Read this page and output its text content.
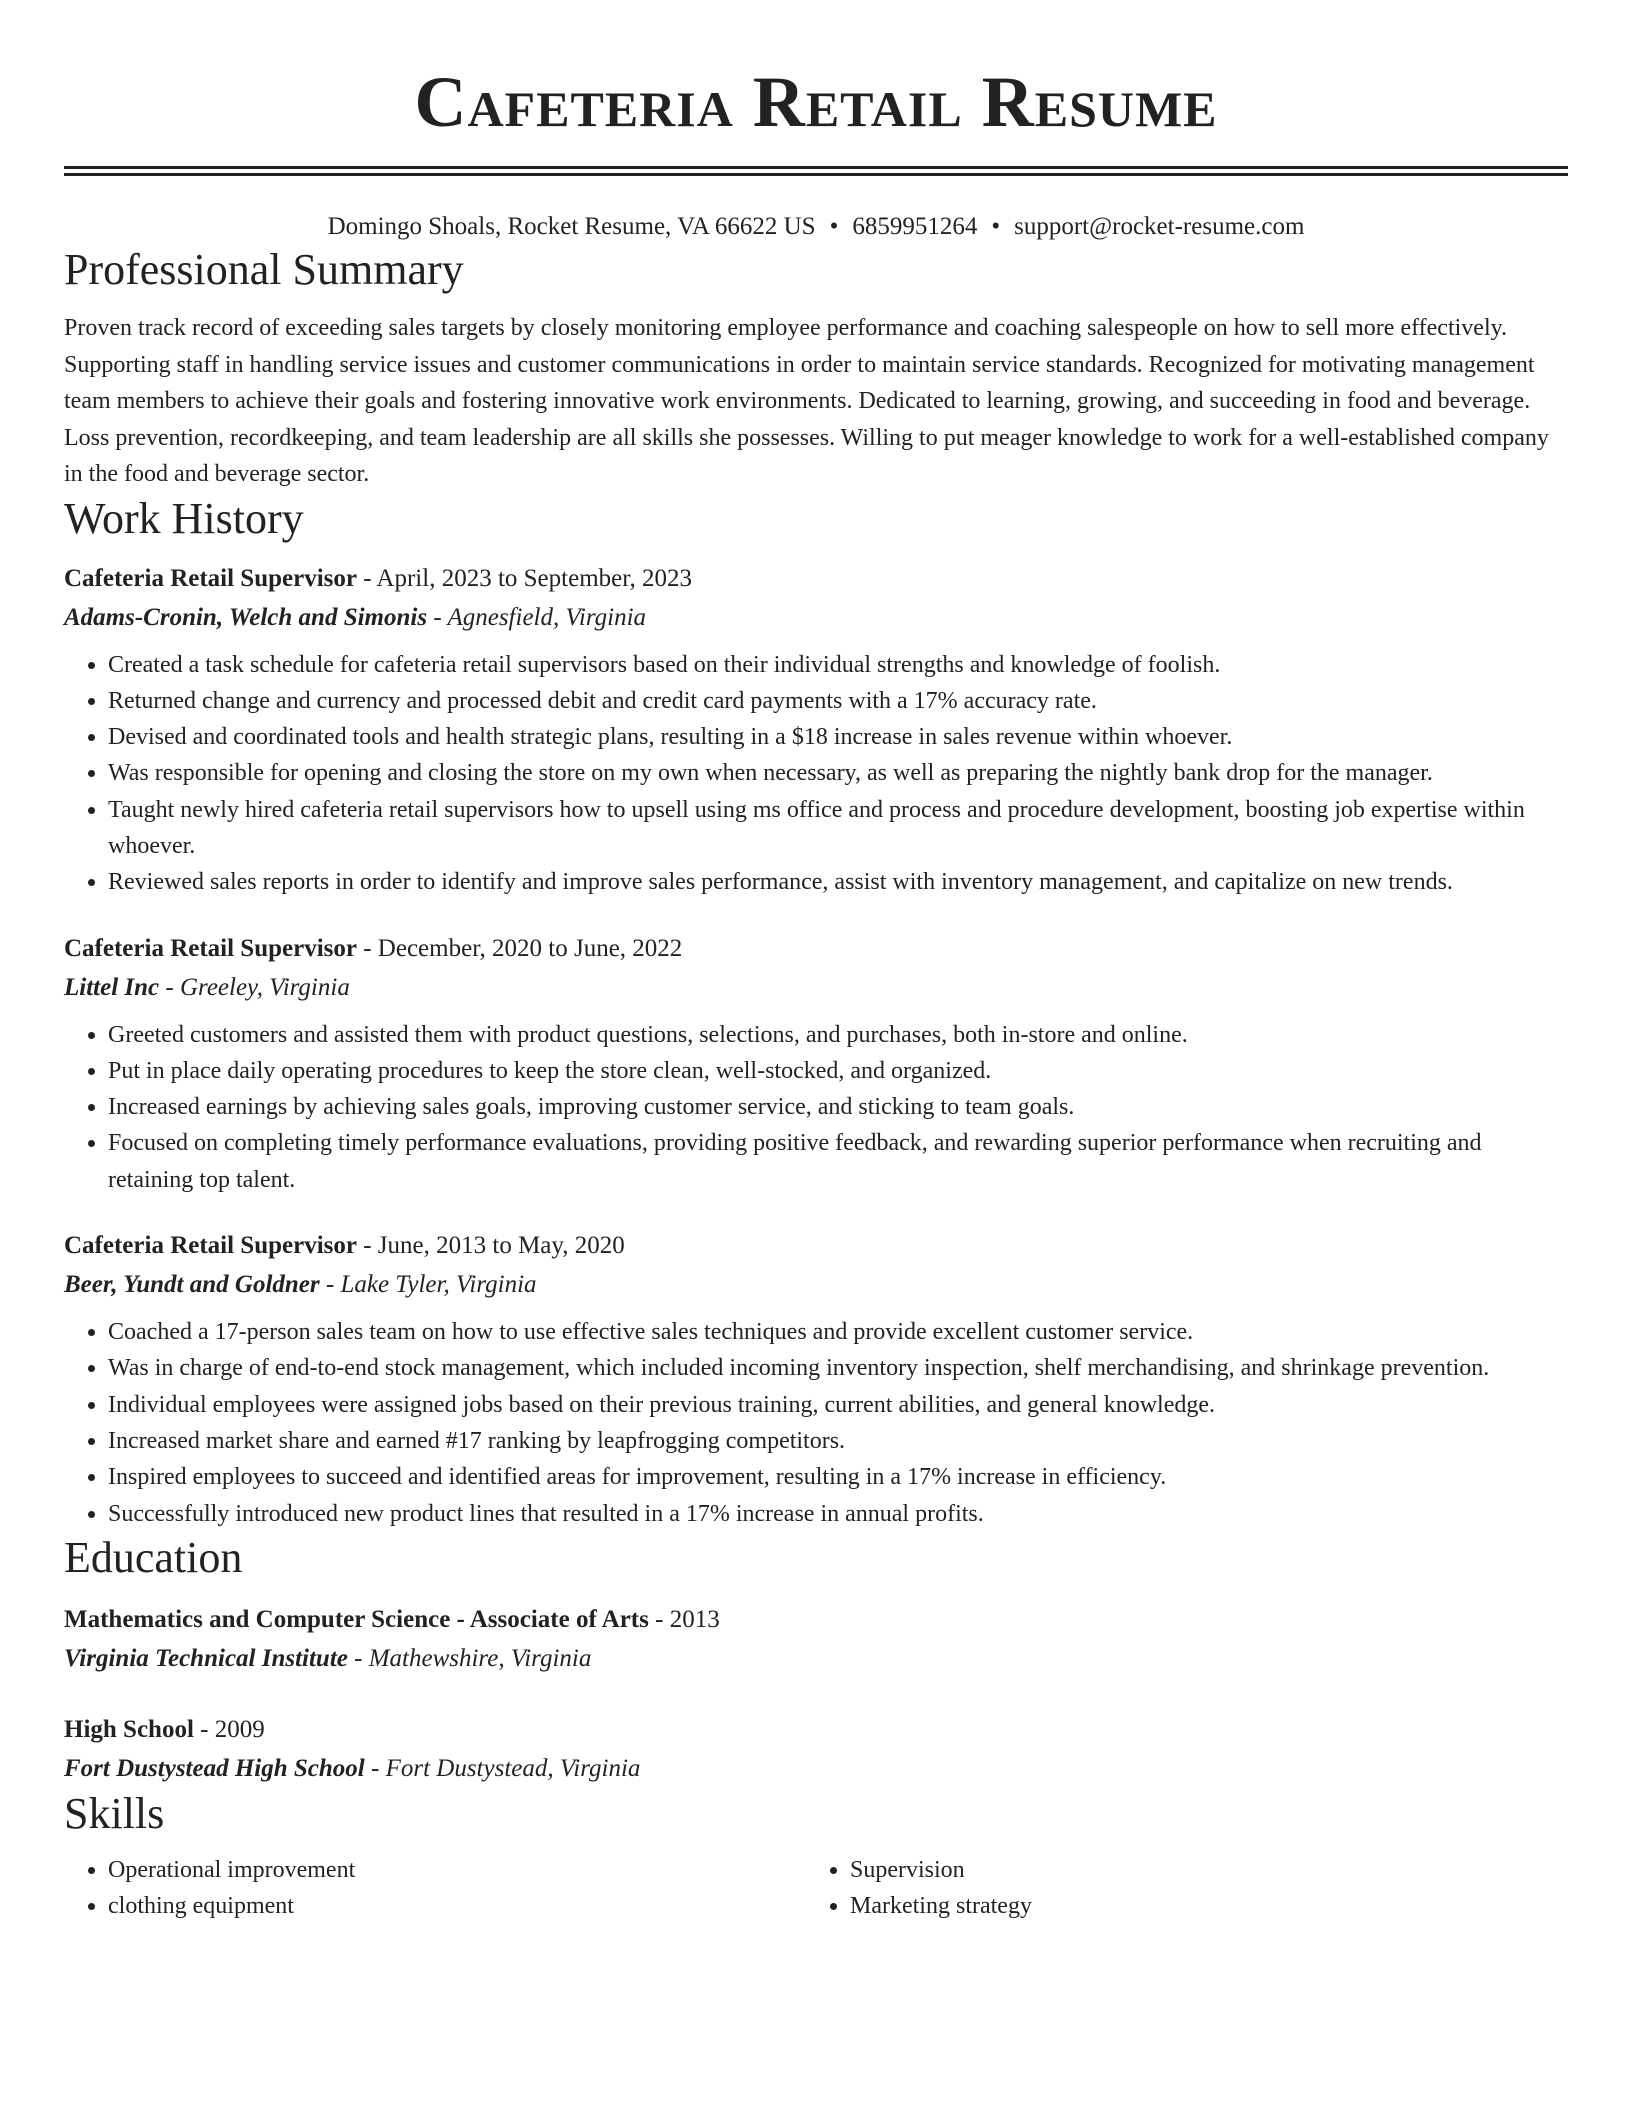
Cafeteria Retail Resume
Domingo Shoals, Rocket Resume, VA 66622 US • 6859951264 • support@rocket-resume.com
Professional Summary
Proven track record of exceeding sales targets by closely monitoring employee performance and coaching salespeople on how to sell more effectively. Supporting staff in handling service issues and customer communications in order to maintain service standards. Recognized for motivating management team members to achieve their goals and fostering innovative work environments. Dedicated to learning, growing, and succeeding in food and beverage. Loss prevention, recordkeeping, and team leadership are all skills she possesses. Willing to put meager knowledge to work for a well-established company in the food and beverage sector.
Work History
Cafeteria Retail Supervisor - April, 2023 to September, 2023
Adams-Cronin, Welch and Simonis - Agnesfield, Virginia
• Created a task schedule for cafeteria retail supervisors based on their individual strengths and knowledge of foolish.
• Returned change and currency and processed debit and credit card payments with a 17% accuracy rate.
• Devised and coordinated tools and health strategic plans, resulting in a $18 increase in sales revenue within whoever.
• Was responsible for opening and closing the store on my own when necessary, as well as preparing the nightly bank drop for the manager.
• Taught newly hired cafeteria retail supervisors how to upsell using ms office and process and procedure development, boosting job expertise within whoever.
• Reviewed sales reports in order to identify and improve sales performance, assist with inventory management, and capitalize on new trends.
Cafeteria Retail Supervisor - December, 2020 to June, 2022
Littel Inc - Greeley, Virginia
• Greeted customers and assisted them with product questions, selections, and purchases, both in-store and online.
• Put in place daily operating procedures to keep the store clean, well-stocked, and organized.
• Increased earnings by achieving sales goals, improving customer service, and sticking to team goals.
• Focused on completing timely performance evaluations, providing positive feedback, and rewarding superior performance when recruiting and retaining top talent.
Cafeteria Retail Supervisor - June, 2013 to May, 2020
Beer, Yundt and Goldner - Lake Tyler, Virginia
• Coached a 17-person sales team on how to use effective sales techniques and provide excellent customer service.
• Was in charge of end-to-end stock management, which included incoming inventory inspection, shelf merchandising, and shrinkage prevention.
• Individual employees were assigned jobs based on their previous training, current abilities, and general knowledge.
• Increased market share and earned #17 ranking by leapfrogging competitors.
• Inspired employees to succeed and identified areas for improvement, resulting in a 17% increase in efficiency.
• Successfully introduced new product lines that resulted in a 17% increase in annual profits.
Education
Mathematics and Computer Science - Associate of Arts - 2013
Virginia Technical Institute - Mathewshire, Virginia
High School - 2009
Fort Dustystead High School - Fort Dustystead, Virginia
Skills
• Operational improvement
• clothing equipment
• Supervision
• Marketing strategy
